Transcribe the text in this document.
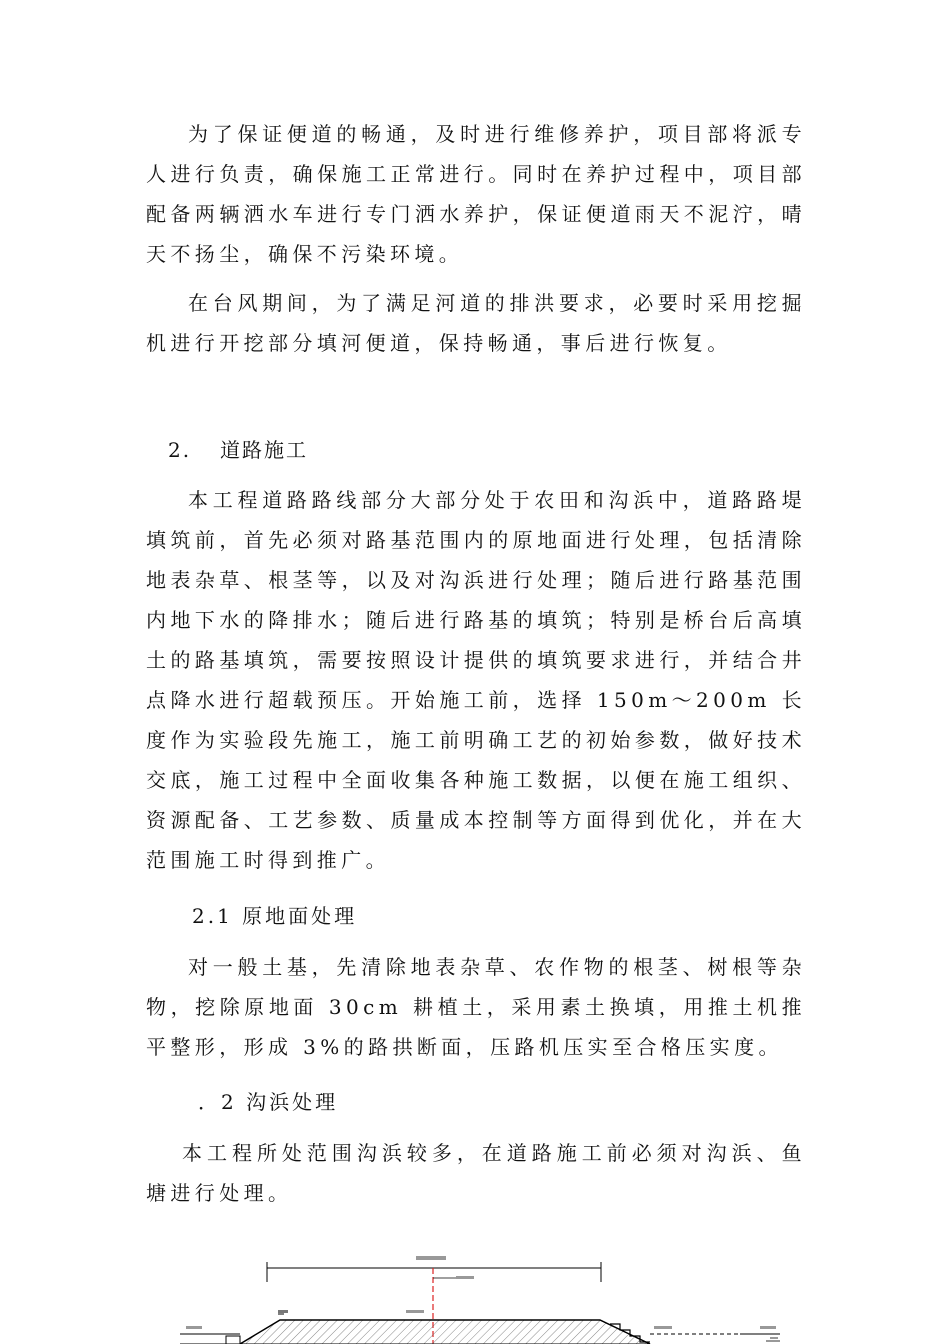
为了保证便道的畅通，及时进行维修养护，项目部将派专人进行负责，确保施工正常进行。同时在养护过程中，项目部配备两辆洒水车进行专门洒水养护，保证便道雨天不泥泞，晴天不扬尘，确保不污染环境。

在台风期间，为了满足河道的排洪要求，必要时采用挖掘机进行开挖部分填河便道，保持畅通，事后进行恢复。

2. 道路施工

本工程道路路线部分大部分处于农田和沟浜中，道路路堤填筑前，首先必须对路基范围内的原地面进行处理，包括清除地表杂草、根茎等，以及对沟浜进行处理；随后进行路基范围内地下水的降排水；随后进行路基的填筑；特别是桥台后高填土的路基填筑，需要按照设计提供的填筑要求进行，并结合井点降水进行超载预压。开始施工前，选择 150m～200m 长度作为实验段先施工，施工前明确工艺的初始参数，做好技术交底，施工过程中全面收集各种施工数据，以便在施工组织、资源配备、工艺参数、质量成本控制等方面得到优化，并在大范围施工时得到推广。

2.1 原地面处理

对一般土基，先清除地表杂草、农作物的根茎、树根等杂物，挖除原地面 30cm 耕植土，采用素土换填，用推土机推平整形，形成 3%的路拱断面，压路机压实至合格压实度。

．2 沟浜处理

本工程所处范围沟浜较多，在道路施工前必须对沟浜、鱼塘进行处理。
